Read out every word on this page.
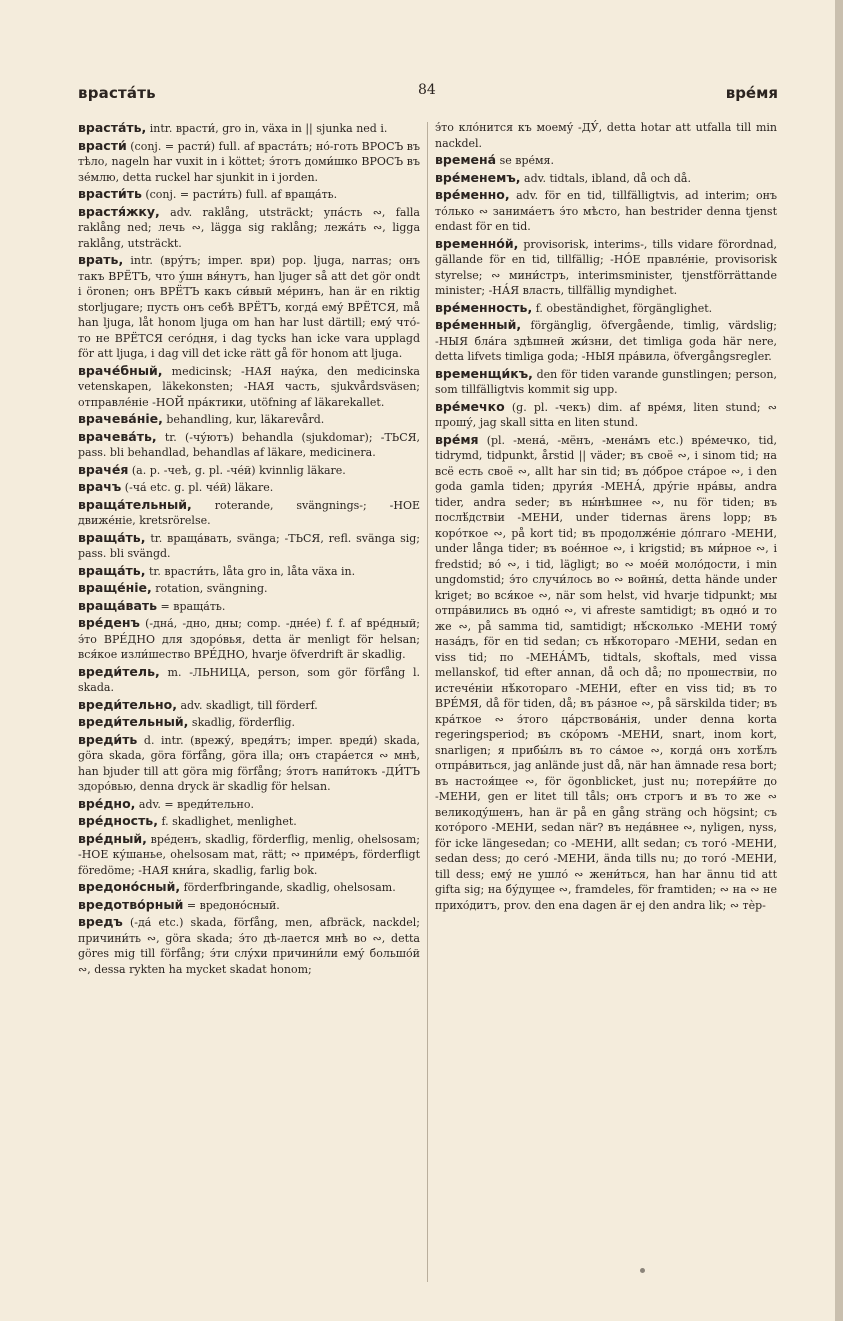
враста́ть	84	вре́мя
враста́ть, intr. врасти́, gro in, växa in || sjunka ned i.
врасти́ (conj. = расти́) full. af враста́ть; но́-готь ВРОСЪ въ тѣло, nageln har vuxit in i köttet; э́тотъ доми́шко ВРОСЪ въ зе́млю, detta ruckel har sjunkit in i jorden.
врасти́ть (conj. = расти́ть) full. af враща́ть.
врастя́жку, adv. raklång, utsträckt; упа́сть ∾, falla raklång ned; лечь ∾, lägga sig raklång; лежа́ть ∾, ligga raklång, utsträckt.
врать, intr. (вру́тъ; imper. ври) pop. ljuga, narras; онъ такъ ВРЁТЪ, что у́шн вя́нутъ, han ljuger så att det gör ondt i öronen; онъ ВРЁТЪ какъ си́вый ме́ринъ, han är en riktig storljugare; пусть онъ себѣ ВРЁТЪ, когда́ ему́ ВРЁТСЯ, må han ljuga, låt honom ljuga om han har lust därtill; ему́ что́-то не ВРЁТСЯ сего́дня, i dag tycks han icke vara upplagd för att ljuga, i dag vill det icke rätt gå för honom att ljuga.
враче́бный, medicinsk; -НАЯ нау́ка, den medicinska vetenskapen, läkekonsten; -НАЯ часть, sjukvårdsväsen; отправле́ніе -НОЙ пра́ктики, utöfning af läkarekallet.
врачева́ніе, behandling, kur, läkarevård.
врачева́ть, tr. (-чу́ютъ) behandla (sjukdomar); -ТЬСЯ, pass. bli behandlad, behandlas af läkare, medicinera.
враче́я (a. p. -чеѣ, g. pl. -че́й) kvinnlig läkare.
врачъ (-ча́ etc. g. pl. че́й) läkare.
враща́тельный, roterande, svängnings-; -НОЕ движе́ніе, kretsrörelse.
враща́ть, tr. враща́вать, svänga; -ТЬСЯ, refl. svänga sig; pass. bli svängd.
враща́ть, tr. врасти́ть, låta gro in, låta växa in.
враще́ніе, rotation, svängning.
враща́вать = враща́ть.
вре́денъ (-дна́, -дно, дны; comp. -дне́е) f. f. af вре́дный; э́то ВРЕ́ДНО для здоро́вья, detta är menligt för helsan; вся́кое изли́шество ВРЕ́ДНО, hvarje öfverdrift är skadlig.
вреди́тель, m. -ЛЬНИЦА, person, som gör förfång l. skada.
вреди́тельно, adv. skadligt, till förderf.
вреди́тельный, skadlig, förderflig.
вреди́ть d. intr. (врежу́, вредя́тъ; imper. вреди́) skada, göra skada, göra förfång, göra illa; онъ стара́ется ∾ мнѣ, han bjuder till att göra mig förfång; э́тотъ напи́токъ -ДИ́ТЪ здоро́вью, denna dryck är skadlig för helsan.
вре́дно, adv. = вреди́тельно.
вре́дность, f. skadlighet, menlighet.
вре́дный, вре́денъ, skadlig, förderflig, menlig, ohelsosam; -НОЕ ку́шанье, ohelsosam mat, rätt; ∾ приме́ръ, förderfligt föredöme; -НАЯ кни́га, skadlig, farlig bok.
вредоно́сный, förderfbringande, skadlig, ohelsosam.
вредотво́рный = вредоно́сный.
вредъ (-да́ etc.) skada, förfång, men, afbräck, nackdel; причини́ть ∾, göra skada; э́то дѣ-лается мнѣ во ∾, detta göres mig till förfång; э́ти слу́хи причини́ли ему́ большо́й ∾, dessa rykten ha mycket skadat honom;
э́то кло́нится къ моему́ -ДУ́, detta hotar att utfalla till min nackdel.
времена́ se вре́мя.
вре́менемъ, adv. tidtals, ibland, då och då.
вре́менно, adv. för en tid, tillfälligtvis, ad interim; онъ то́лько ∾ занима́етъ э́то мѣсто, han bestrider denna tjenst endast för en tid.
временно́й, provisorisk, interims-, tills vidare förordnad, gällande för en tid, tillfällig; -НО́Е правле́ніе, provisorisk styrelse; ∾ мини́стръ, interimsminister, tjenstförrättande minister; -НА́Я власть, tillfällig myndighet.
вре́менность, f. obeständighet, förgänglighet.
вре́менный, förgänglig, öfvergående, timlig, värdslig; -НЫЯ бла́га здѣшней жи́зни, det timliga goda här nere, detta lifvets timliga goda; -НЫЯ пра́вила, öfvergångsregler.
временщи́къ, den för tiden varande gunstlingen; person, som tillfälligtvis kommit sig upp.
вре́мечко (g. pl. -чекъ) dim. af вре́мя, liten stund; ∾ прошу́, jag skall sitta en liten stund.
вре́мя (pl. -мена́, -мёнъ, -мена́мъ etc.) вре́мечко, tid, tidrymd, tidpunkt, årstid || väder; въ своё ∾, i sinom tid; на всё есть своё ∾, allt har sin tid; въ до́брое ста́рое ∾, i den goda gamla tiden; други́я -МЕНА́, дру́гіе нра́вы, andra tider, andra seder; въ ны́нѣшнее ∾, nu för tiden; въ послѣ́дствіи -МЕНИ, under tidernas ärens lopp; въ коро́ткое ∾, på kort tid; въ продолже́ніе до́лгаго -МЕНИ, under långa tider; въ вое́нное ∾, i krigstid; въ ми́рное ∾, i fredstid; во́ ∾, i tid, lägligt; во ∾ мое́й моло́дости, i min ungdomstid; э́то случи́лось во ∾ войны́, detta hände under kriget; во вся́кое ∾, när som helst, vid hvarje tidpunkt; мы отпра́вились въ одно́ ∾, vi afreste samtidigt; въ одно́ и то же ∾, på samma tid, samtidigt; нѣ́сколько -МЕНИ тому́ наза́дъ, för en tid sedan; съ нѣ́котораго -МЕНИ, sedan en viss tid; по -МЕНА́МЪ, tidtals, skoftals, med vissa mellanskof, tid efter annan, då och då; по прошествіи, по истече́ніи нѣ́котораго -МЕНИ, efter en viss tid; въ то ВРЕ́МЯ, då för tiden, då; въ ра́зное ∾, på särskilda tider; въ кра́ткое ∾ э́того ца́рствова́нія, under denna korta regeringsperiod; въ ско́ромъ -МЕНИ, snart, inom kort, snarligen; я прибы́лъ въ то са́мое ∾, когда́ онъ хотѣ́лъ отпра́виться, jag anlände just då, när han ämnade resa bort; въ настоя́щее ∾, för ögonblicket, just nu; потеря́йте до -МЕНИ, gen er litet till tåls; онъ строгъ и въ то же ∾ великоду́шенъ, han är på en gång sträng och högsint; съ кото́рого -МЕНИ, sedan när? въ неда́внее ∾, nyligen, nyss, för icke längesedan; со -МЕНИ, allt sedan; съ того́ -МЕНИ, sedan dess; до сего́ -МЕНИ, ända tills nu; до того́ -МЕНИ, till dess; ему́ не ушло́ ∾ жени́ться, han har ännu tid att gifta sig; на бу́дущее ∾, framdeles, för framtiden; ∾ на ∾ не прихо́дитъ, prov. den ena dagen är ej den andra lik; ∾ тѐр-
